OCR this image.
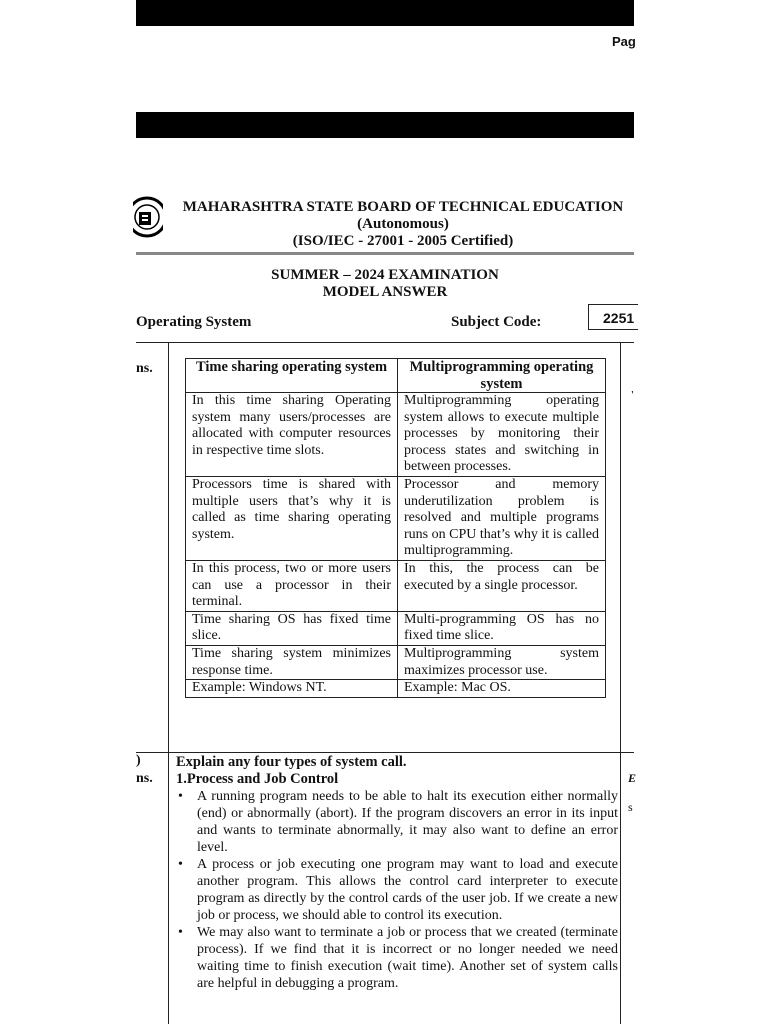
Pag
MAHARASHTRA STATE BOARD OF TECHNICAL EDUCATION
(Autonomous)
(ISO/IEC - 27001 - 2005 Certified)
SUMMER – 2024 EXAMINATION
MODEL ANSWER
Operating System	Subject Code:	2251
ns.
'
)
ns.	E
s
Time sharing operating system	Multiprogramming operating system
In this time sharing Operating system many users/processes are allocated with computer resources in respective time slots.	Multiprogramming operating system allows to execute multiple processes by monitoring their process states and switching in between processes.
Processors time is shared with multiple users that’s why it is called as time sharing operating system.	Processor and memory underutilization problem is resolved and multiple programs runs on CPU that’s why it is called multiprogramming.
In this process, two or more users can use a processor in their terminal.	In this, the process can be executed by a single processor.
Time sharing OS has fixed time slice.	Multi-programming OS has no fixed time slice.
Time sharing system minimizes response time.	Multiprogramming system maximizes processor use.
Example: Windows NT.	Example: Mac OS.
Explain any four types of system call.
1.Process and Job Control
• A running program needs to be able to halt its execution either normally (end) or abnormally (abort). If the program discovers an error in its input and wants to terminate abnormally, it may also want to define an error level.
• A process or job executing one program may want to load and execute another program. This allows the control card interpreter to execute program as directly by the control cards of the user job. If we create a new job or process, we should able to control its execution.
• We may also want to terminate a job or process that we created (terminate process). If we find that it is incorrect or no longer needed we need waiting time to finish execution (wait time). Another set of system calls are helpful in debugging a program.
